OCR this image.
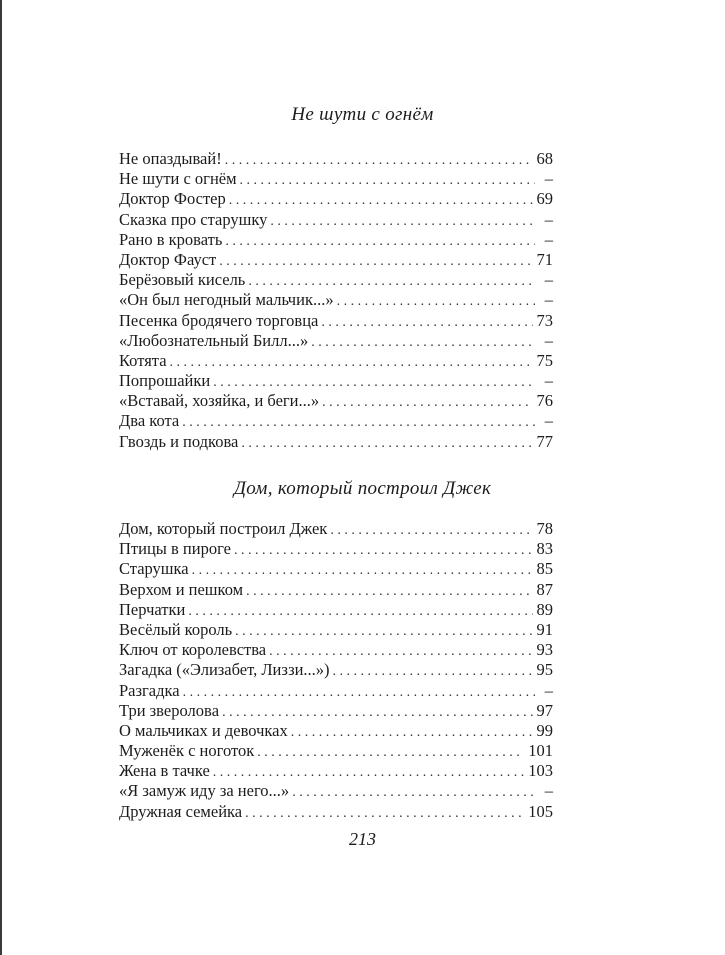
Не шути с огнём
Не опаздывай! . . .	68
Не шути с огнём . . .	–
Доктор Фостер . . .	69
Сказка про старушку . . .	–
Рано в кровать . . .	–
Доктор Фауст . . .	71
Берёзовый кисель . . .	–
«Он был негодный мальчик...» . . .	–
Песенка бродячего торговца . . .	73
«Любознательный Билл...» . . .	–
Котята . . .	75
Попрошайки . . .	–
«Вставай, хозяйка, и беги...» . . .	76
Два кота . . .	–
Гвоздь и подкова . . .	77
Дом, который построил Джек
Дом, который построил Джек . . .	78
Птицы в пироге . . .	83
Старушка . . .	85
Верхом и пешком . . .	87
Перчатки . . .	89
Весёлый король . . .	91
Ключ от королевства . . .	93
Загадка («Элизабет, Лиззи...») . . .	95
Разгадка . . .	–
Три звероловa . . .	97
О мальчиках и девочках . . .	99
Муженёк с ноготок . . .	101
Жена в тачке . . .	103
«Я замуж иду за него...» . . .	–
Дружная семейка . . .	105
213
